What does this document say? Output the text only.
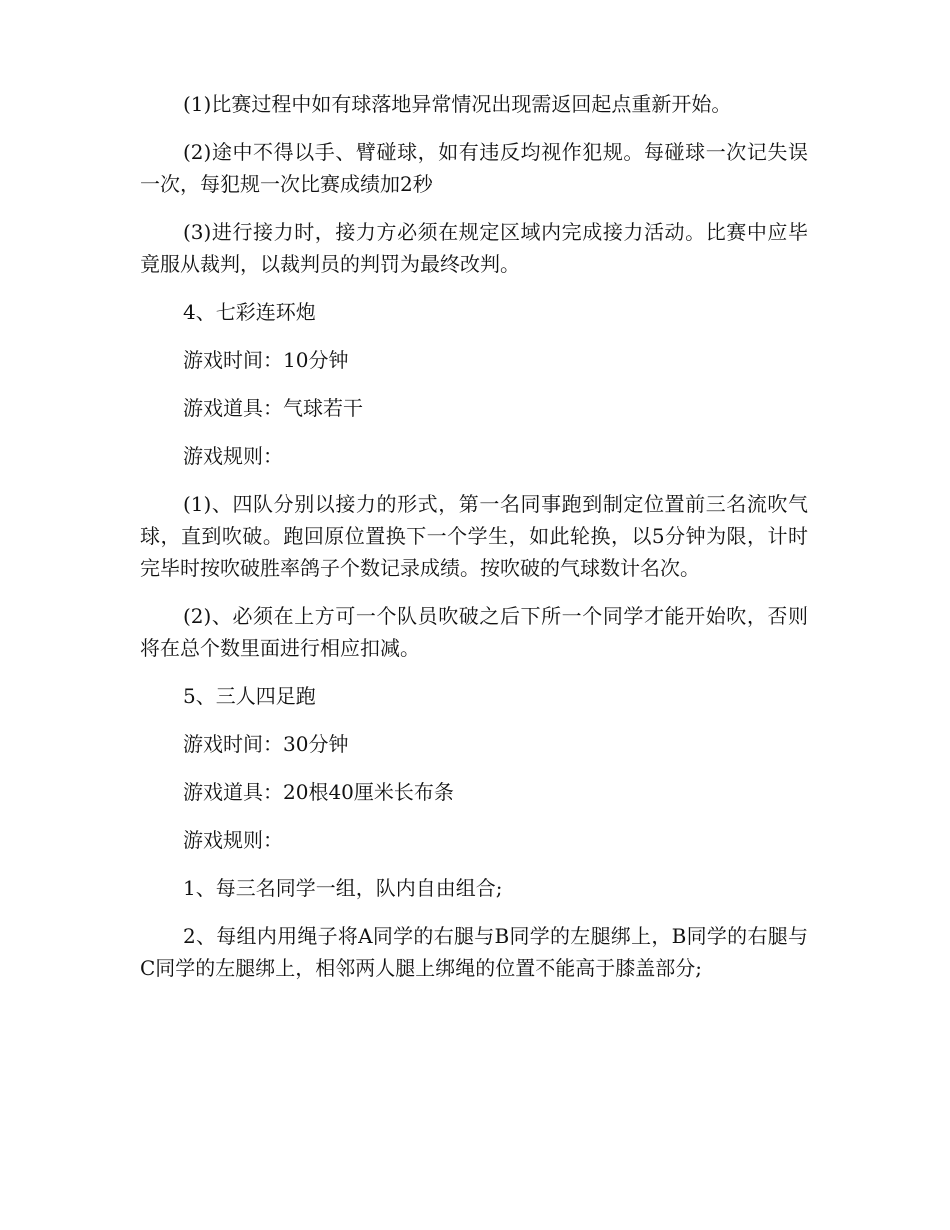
(1)比赛过程中如有球落地异常情况出现需返回起点重新开始。

(2)途中不得以手、臂碰球，如有违反均视作犯规。每碰球一次记失误一次，每犯规一次比赛成绩加2秒

(3)进行接力时，接力方必须在规定区域内完成接力活动。比赛中应毕竟服从裁判，以裁判员的判罚为最终改判。

4、七彩连环炮

游戏时间：10分钟

游戏道具：气球若干

游戏规则：

(1)、四队分别以接力的形式，第一名同事跑到制定位置前三名流吹气球，直到吹破。跑回原位置换下一个学生，如此轮换，以5分钟为限，计时完毕时按吹破胜率鸽子个数记录成绩。按吹破的气球数计名次。

(2)、必须在上方可一个队员吹破之后下所一个同学才能开始吹，否则将在总个数里面进行相应扣减。

5、三人四足跑

游戏时间：30分钟

游戏道具：20根40厘米长布条

游戏规则：

1、每三名同学一组，队内自由组合;

2、每组内用绳子将A同学的右腿与B同学的左腿绑上，B同学的右腿与C同学的左腿绑上，相邻两人腿上绑绳的位置不能高于膝盖部分;
